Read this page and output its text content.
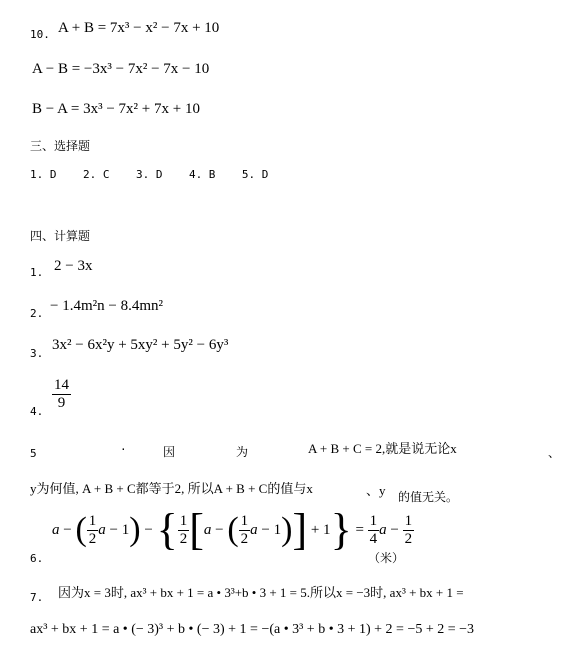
10. A + B = 7x³ − x² − 7x + 10
A − B = −3x³ − 7x² − 7x − 10
B − A = 3x³ − 7x² + 7x + 10
三、选择题
1. D    2. C    3. D    4. B    5. D
四、计算题
1. 2 − 3x
2. − 1.4m²n − 8.4mn²
3.
3x² − 6x²y + 5xy² + 5y² − 6y³
4.
$\frac{14}{9}$
5
.	因	为	A + B + C = 2,就是说无论x	、
y为何值, A + B + C都等于2, 所以A + B + C的值与x	、y 的值无关。
6.
a − ( $\frac{1}{2}$ a − 1 ) − { $\frac{1}{2}$ [ a − ( $\frac{1}{2}$ a − 1 ) ] + 1 } = $\frac{1}{4}$ $a - \frac{1}{2}$
（米）
7. 因为x = 3时, ax³ + bx + 1 = a • 3³+b • 3 + 1 = 5.所以x = −3时, ax³ + bx + 1 =
ax³ + bx + 1 = a • (− 3)³ + b • (− 3) + 1 = −(a • 3³ + b • 3 + 1) + 2 = −5 + 2 = −3
